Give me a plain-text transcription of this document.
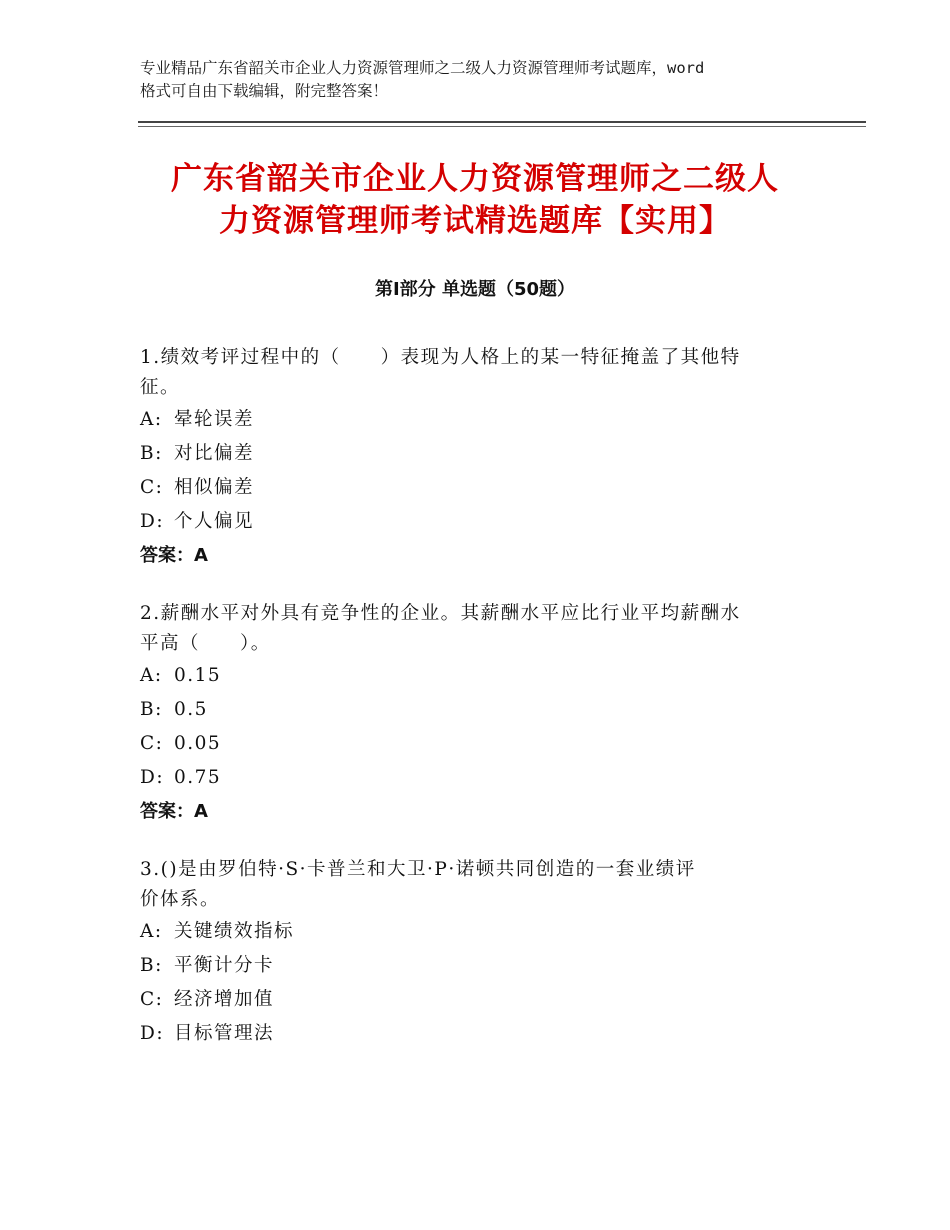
专业精品广东省韶关市企业人力资源管理师之二级人力资源管理师考试题库，word
格式可自由下载编辑，附完整答案！
广东省韶关市企业人力资源管理师之二级人
力资源管理师考试精选题库【实用】
第Ⅰ部分 单选题（50题）
1.绩效考评过程中的（　　）表现为人格上的某一特征掩盖了其他特
征。
A: 晕轮误差
B: 对比偏差
C: 相似偏差
D: 个人偏见
答案：A
2.薪酬水平对外具有竞争性的企业。其薪酬水平应比行业平均薪酬水
平高（　　）。
A: 0.15
B: 0.5
C: 0.05
D: 0.75
答案：A
3.()是由罗伯特·S·卡普兰和大卫·P·诺顿共同创造的一套业绩评
价体系。
A: 关键绩效指标
B: 平衡计分卡
C: 经济增加值
D: 目标管理法
